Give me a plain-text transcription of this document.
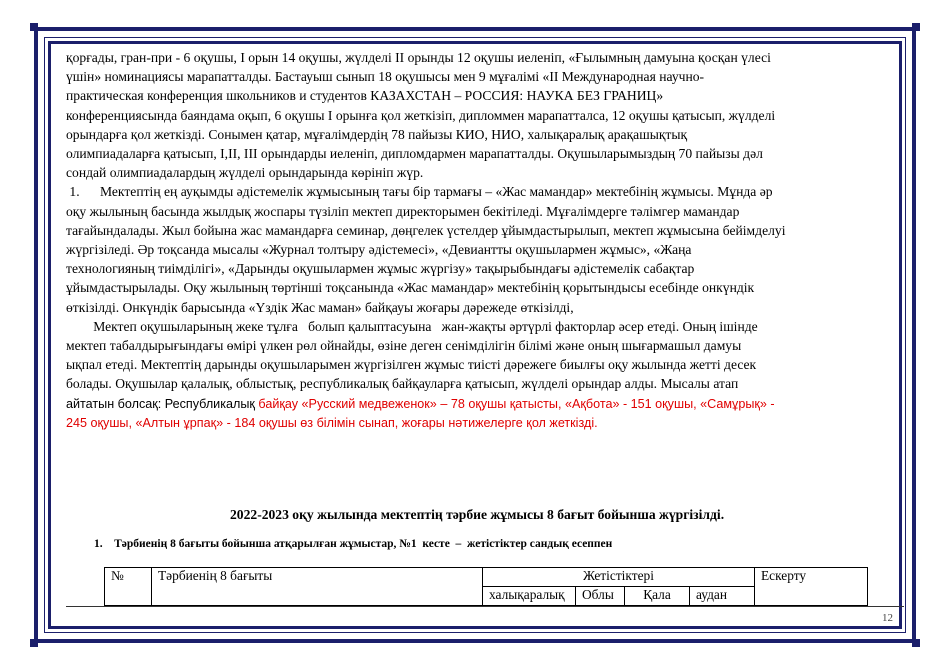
қорғады, гран-при - 6 оқушы, І орын 14 оқушы, жүлделі ІІ орынды 12 оқушы иеленіп, «Ғылымның дамуына қосқан үлесі
үшін» номинациясы марапатталды. Бастауыш сынып 18 оқушысы мен 9 мұғалімі «II Международная научно-
практическая конференция школьников и студентов КАЗАХСТАН – РОССИЯ: НАУКА БЕЗ ГРАНИЦ»
конференциясында баяндама оқып, 6 оқушы І орынға қол жеткізіп, дипломмен марапатталса, 12 оқушы қатысып, жүлделі
орындарға қол жеткізді. Сонымен қатар, мұғалімдердің 78 пайызы КИО, НИО, халықаралық арақашықтық
олимпиадаларға қатысып, І,ІІ, ІІІ орындарды иеленіп, дипломдармен марапатталды. Оқушыларымыздың 70 пайызы дәл
сондай олимпиадалардың жүлделі орындарында көрініп жүр.

1.      Мектептің ең ауқымды әдістемелік жұмысының тағы бір тармағы – «Жас мамандар» мектебінің жұмысы. Мұнда әр
оқу жылының басында жылдық жоспары түзіліп мектеп директорымен бекітіледі. Мұғалімдерге тәлімгер мамандар
тағайындалады. Жыл бойына жас мамандарға семинар, дөңгелек үстелдер ұйымдастырылып, мектеп жұмысына бейімделуі
жүргізіледі. Әр тоқсанда мысалы «Журнал толтыру әдістемесі», «Девиантты оқушылармен жұмыс», «Жаңа
технологияның тиімділігі», «Дарынды оқушылармен жұмыс жүргізу» тақырыбындағы әдістемелік сабақтар
ұйымдастырылады. Оқу жылының төртінші тоқсанында «Жас мамандар» мектебінің қорытындысы есебінде онкүндік
өткізілді. Онкүндік барысында «Үздік Жас маман» байқауы жоғары дәрежеде өткізілді,

Мектеп оқушыларының жеке тұлға   болып қалыптасуына   жан-жақты әртүрлі факторлар әсер етеді. Оның ішінде
мектеп табалдырығындағы өмірі үлкен рөл ойнайды, өзіне деген сенімділігін білімі және оның шығармашыл дамуы
ықпал етеді. Мектептің дарынды оқушыларымен жүргізілген жұмыс тиісті дәрежеге биылғы оқу жылында жетті десек
болады. Оқушылар қалалық, облыстық, республикалық байқауларға қатысып, жүлделі орындар алды. Мысалы атап
айтатын болсақ: Республикалық байқау «Русский медвеженок» – 78 оқушы қатысты, «Ақбота» - 151 оқушы, «Самұрық» -
245 оқушы, «Алтын ұрпақ» - 184 оқушы өз білімін сынап, жоғары нәтижелерге қол жеткізді.

2022-2023 оқу жылында мектептің тәрбие жұмысы 8 бағыт бойынша жүргізілді.
1.    Тәрбиенің 8 бағыты бойынша атқарылған жұмыстар, №1  кесте  –  жетістіктер сандық есеппен
№	Тәрбиенің 8 бағыты	Жетістіктері				Ескерту
		халықаралық	Облы	Қала	аудан	
12
